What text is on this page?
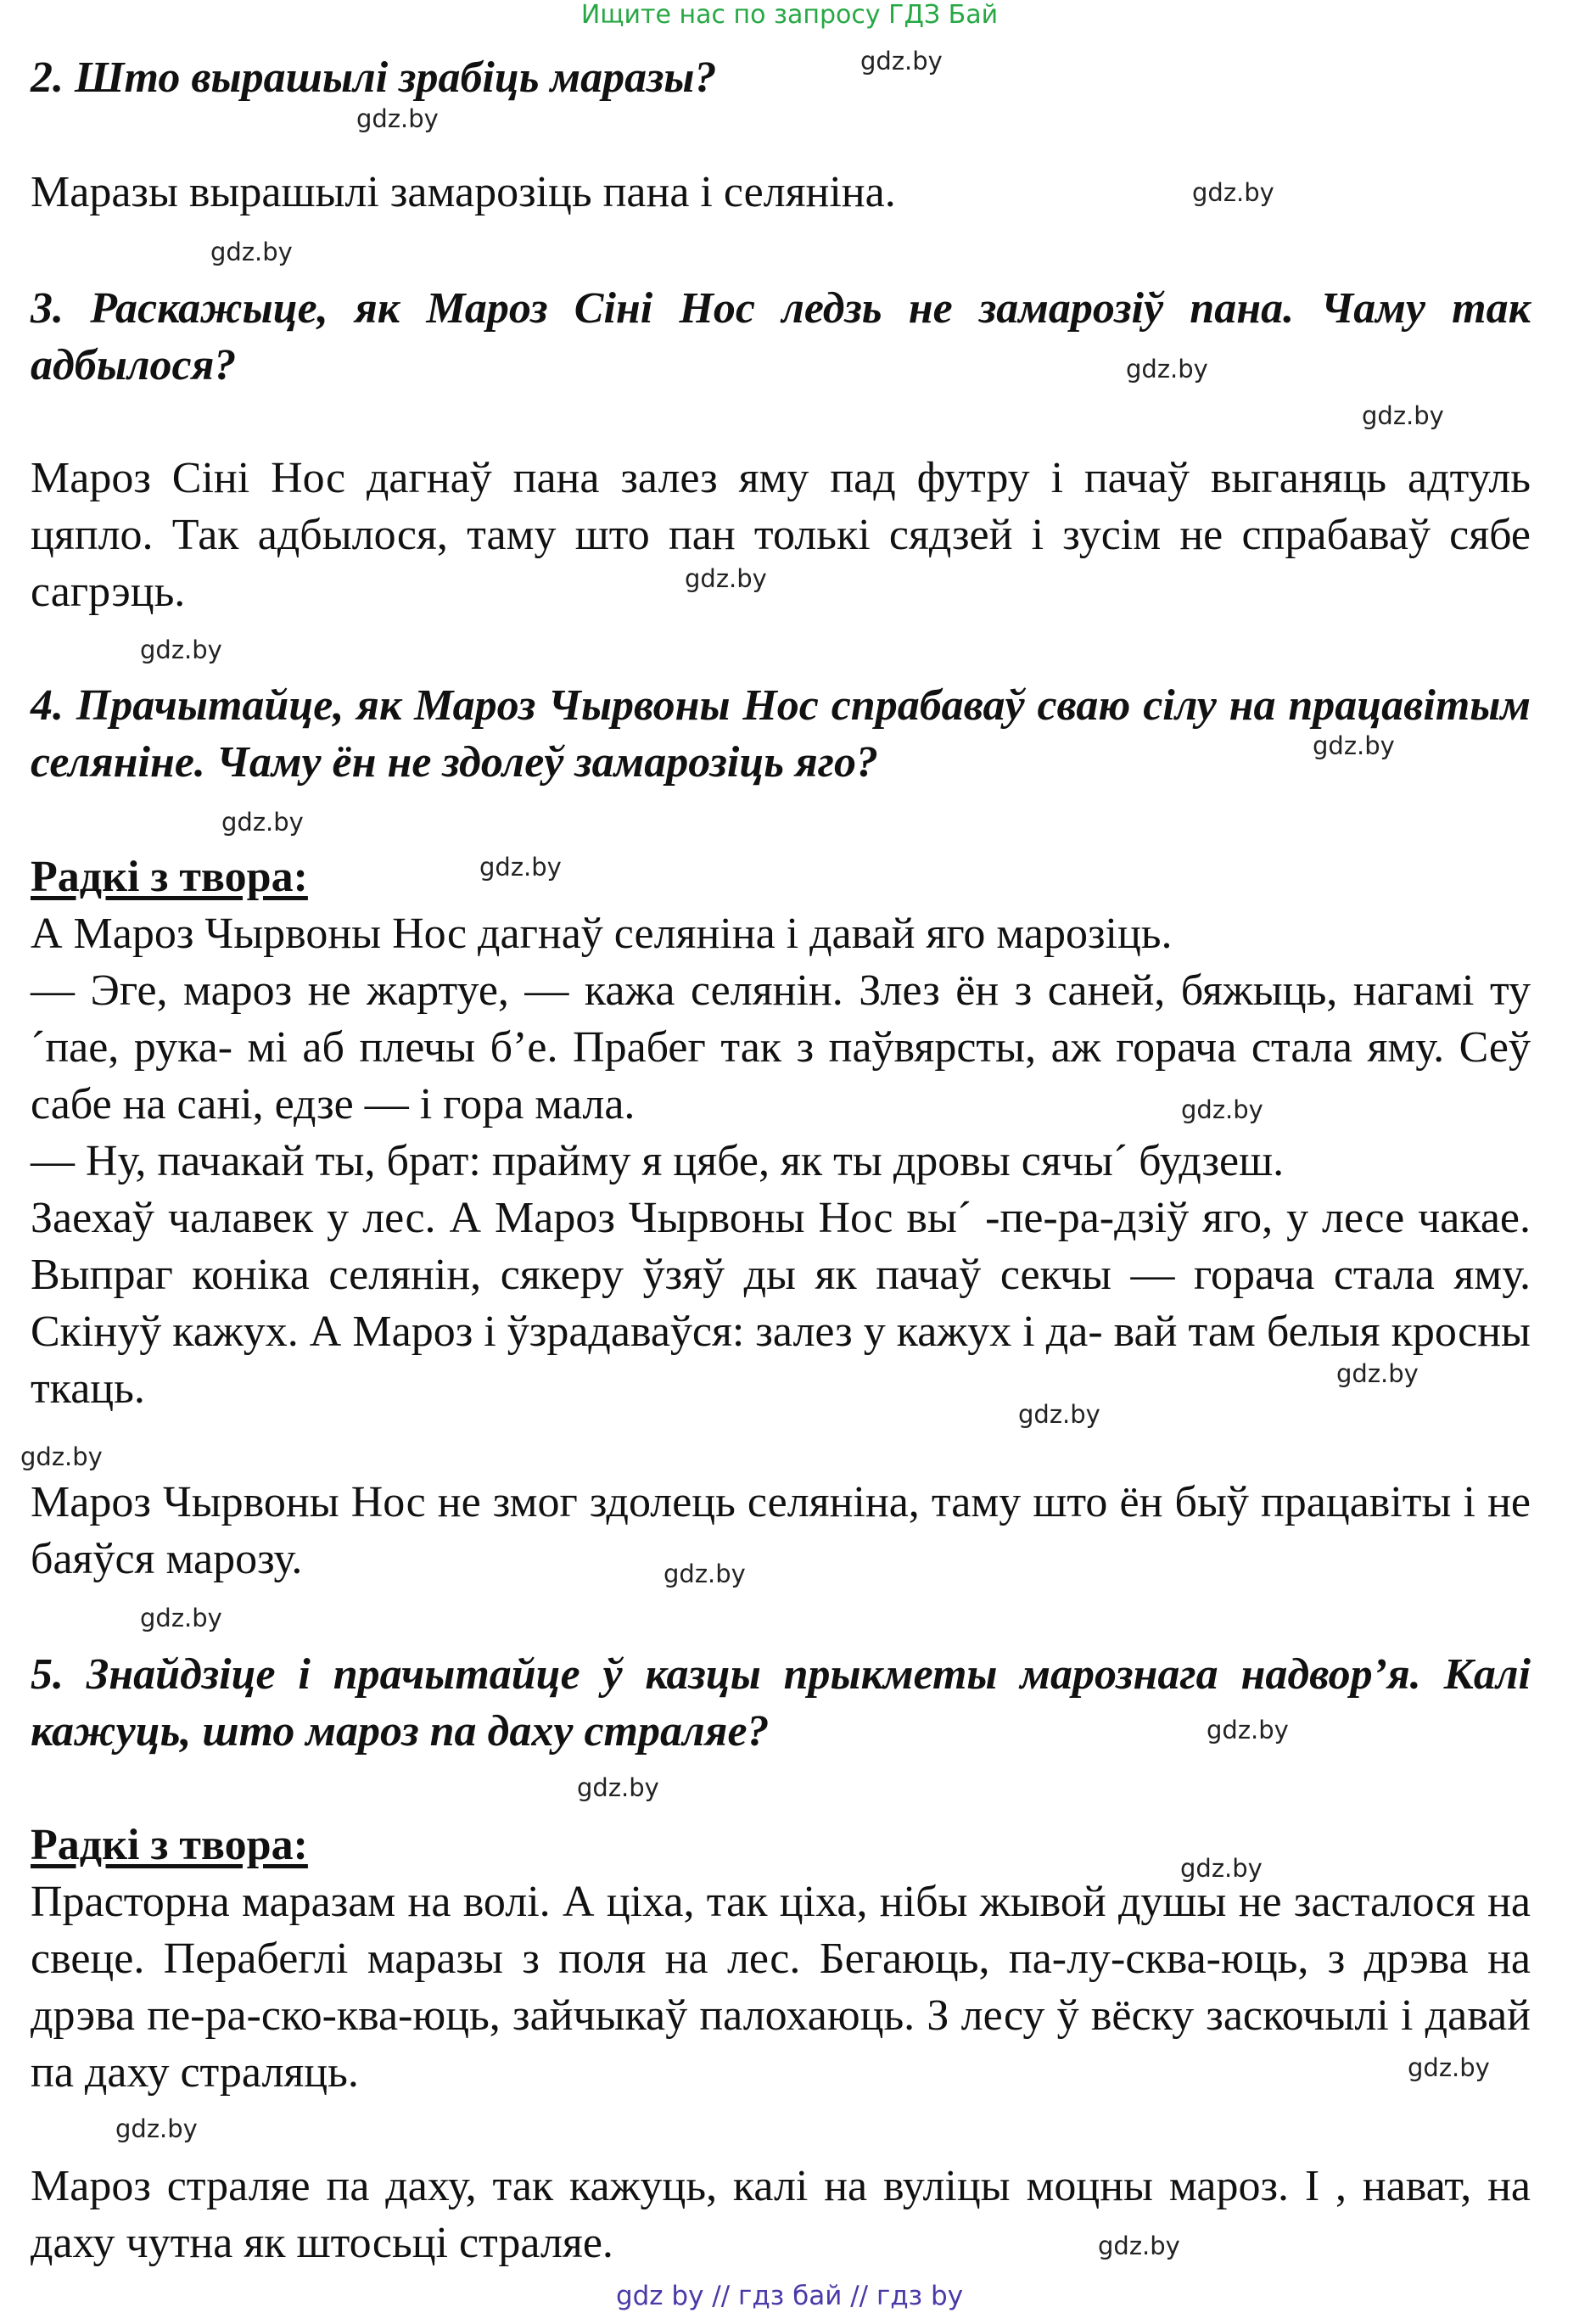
Ищите нас по запросу ГДЗ Бай

2. Што вырашылі зрабіць маразы?

Маразы вырашылі замарозіць пана і селяніна.

3. Раскажыце, як Мароз Сіні Нос ледзь не замарозіў пана. Чаму так адбылося?

Мароз Сіні Нос дагнаў пана залез яму пад футру і пачаў выганяць адтуль цяпло. Так адбылося, таму што пан толькі сядзей і зусім не спрабаваў сябе сагрэць.

4. Прачытайце, як Мароз Чырвоны Нос спрабаваў сваю сілу на працавітым селяніне. Чаму ён не здолеў замарозіць яго?

Радкі з твора:

А Мароз Чырвоны Нос дагнаў селяніна і давай яго марозіць.

— Эге, мароз не жартуе, — кажа селянін. Злез ён з саней, бяжыць, нагамі ту´пае, рука- мі аб плечы б’е. Прабег так з паўвярсты, аж горача стала яму. Сеў сабе на сані, едзе — і гора мала.

— Ну, пачакай ты, брат: прайму я цябе, як ты дровы сячы´ будзеш.

Заехаў чалавек у лес. А Мароз Чырвоны Нос вы´ -пе-ра-дзіў яго, у лесе чакае. Выпраг коніка селянін, сякеру ўзяў ды як пачаў секчы — горача стала яму. Скінуў кажух. А Мароз і ўзрадаваўся: залез у кажух і да- вай там белыя кросны ткаць.

Мароз Чырвоны Нос не змог здолець селяніна, таму што ён быў працавіты і не баяўся марозу.

5. Знайдзіце і прачытайце ў казцы прыкметы марознага надвор’я. Калі кажуць, што мароз па даху страляе?

Радкі з твора:

Прасторна маразам на волі. А ціха, так ціха, нібы жывой душы не засталося на свеце. Перабеглі маразы з поля на лес. Бегаюць, па-лу-сква-юць, з дрэва на дрэва пе-ра-ско-ква-юць, зайчыкаў палохаюць. З лесу ў вёску заскочылі і давай па даху страляць.

Мароз страляе па даху, так кажуць, калі на вуліцы моцны мароз. І , нават, на даху чутна як штосьці страляе.

gdz.by
gdz.by
gdz.by
gdz.by
gdz.by
gdz.by
gdz.by
gdz.by
gdz.by
gdz.by
gdz.by
gdz.by
gdz.by
gdz.by
gdz.by
gdz.by
gdz.by
gdz.by
gdz.by
gdz.by
gdz.by
gdz.by
gdz.by
gdz by // гдз бай // гдз by
